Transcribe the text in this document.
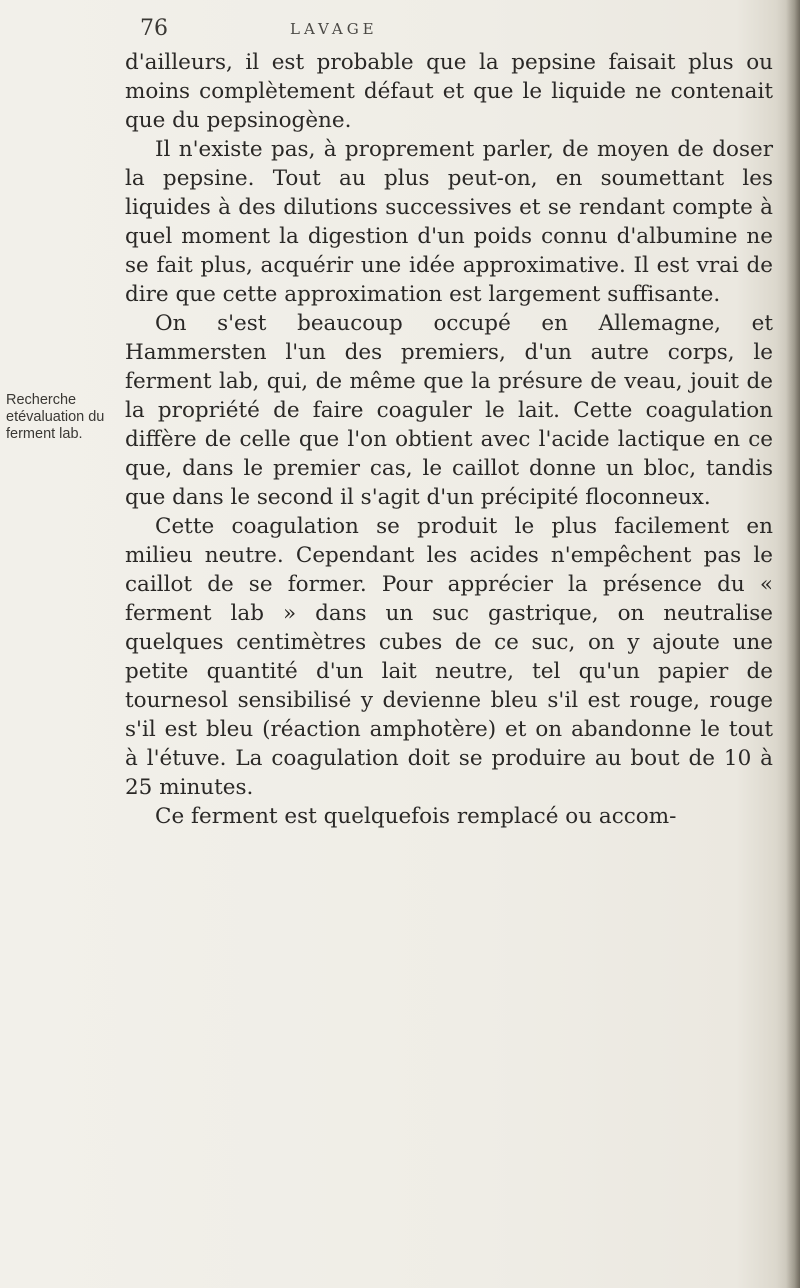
76	LAVAGE
Recherche etévaluation du ferment lab.

d'ailleurs, il est probable que la pepsine faisait plus ou moins complètement défaut et que le liquide ne contenait que du pepsinogène.

Il n'existe pas, à proprement parler, de moyen de doser la pepsine. Tout au plus peut-on, en soumettant les liquides à des dilutions successives et se rendant compte à quel moment la digestion d'un poids connu d'albumine ne se fait plus, acquérir une idée approximative. Il est vrai de dire que cette approximation est largement suffisante.

On s'est beaucoup occupé en Allemagne, et Hammersten l'un des premiers, d'un autre corps, le ferment lab, qui, de même que la présure de veau, jouit de la propriété de faire coaguler le lait. Cette coagulation diffère de celle que l'on obtient avec l'acide lactique en ce que, dans le premier cas, le caillot donne un bloc, tandis que dans le second il s'agit d'un précipité floconneux.

Cette coagulation se produit le plus facilement en milieu neutre. Cependant les acides n'empêchent pas le caillot de se former. Pour apprécier la présence du « ferment lab » dans un suc gastrique, on neutralise quelques centimètres cubes de ce suc, on y ajoute une petite quantité d'un lait neutre, tel qu'un papier de tournesol sensibilisé y devienne bleu s'il est rouge, rouge s'il est bleu (réaction amphotère) et on abandonne le tout à l'étuve. La coagulation doit se produire au bout de 10 à 25 minutes.

Ce ferment est quelquefois remplacé ou accom-
